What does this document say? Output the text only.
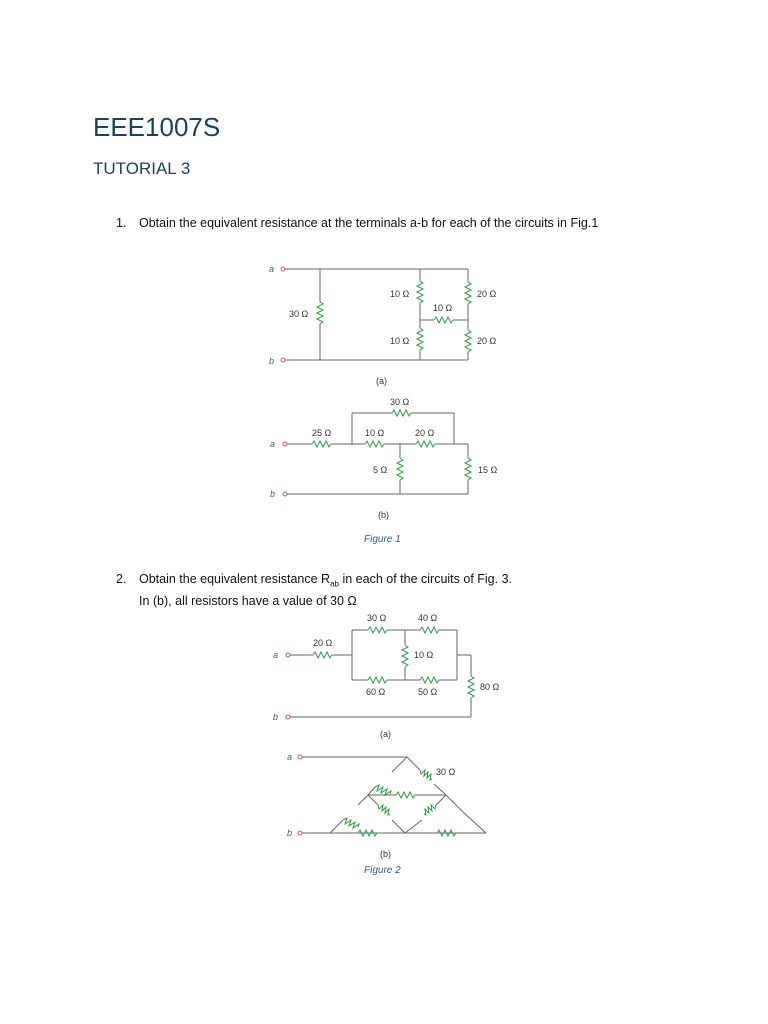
EEE1007S
TUTORIAL 3
1. Obtain the equivalent resistance at the terminals a-b for each of the circuits in Fig.1
2. Obtain the equivalent resistance $R_{ab}$ in each of the circuits of Fig. 3.
In (b), all resistors have a value of 30 Ω
a
b
30 Ω
10 Ω
10 Ω
10 Ω
20 Ω
20 Ω
(a)
a
b
30 Ω
25 Ω	10 Ω	20 Ω
5 Ω	15 Ω
(b)
Figure 1
a
b
30 Ω	40 Ω
20 Ω
10 Ω
60 Ω	50 Ω	80 Ω
(a)
a
b
30 Ω
(b)
Figure 2
